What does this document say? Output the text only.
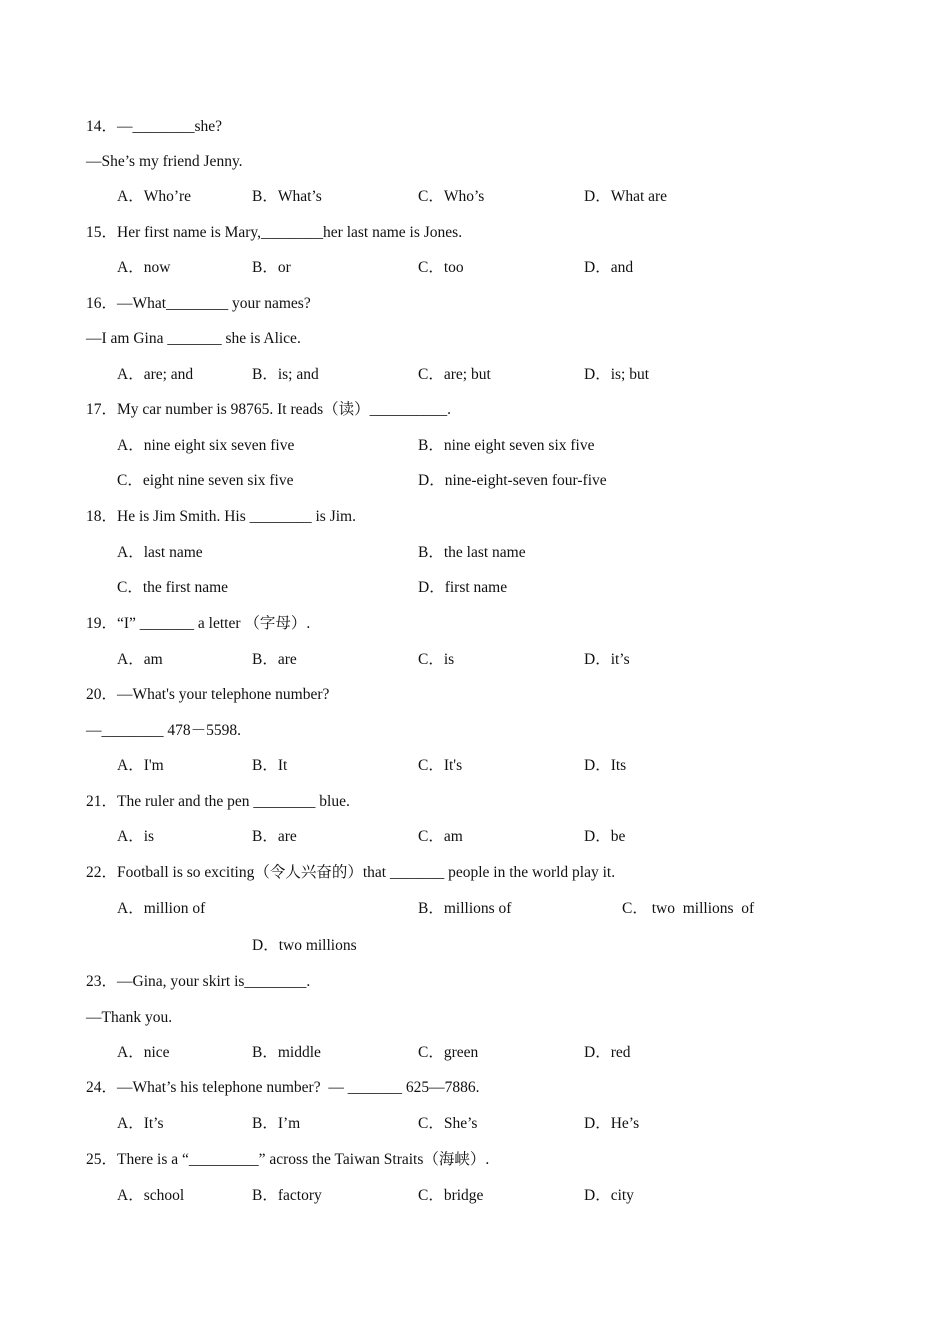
14．—________she?
—She’s my friend Jenny.
A．Who’re	B．What’s	C．Who’s	D．What are
15．Her first name is Mary,________her last name is Jones.
A．now	B．or	C．too	D．and
16．—What________ your names?
—I am Gina _______ she is Alice.
A．are; and	B．is; and	C．are; but	D．is; but
17．My car number is 98765. It reads（读）__________.
A．nine eight six seven five	B．nine eight seven six five
C．eight nine seven six five	D．nine-eight-seven four-five
18．He is Jim Smith. His ________ is Jim.
A．last name	B．the last name
C．the first name	D．first name
19．“I” _______ a letter （字母）.
A．am	B．are	C．is	D．it’s
20．—What's your telephone number?
—________ 478－5598.
A．I'm	B．It	C．It's	D．Its
21．The ruler and the pen ________ blue.
A．is	B．are	C．am	D．be
22．Football is so exciting（令人兴奋的）that _______ people in the world play it.
A．million of	B．millions of	C． two  millions  of
D．two millions
23．—Gina, your skirt is________.
—Thank you.
A．nice	B．middle	C．green	D．red
24．—What’s his telephone number?  — _______ 625—7886.
A．It’s	B．I’m	C．She’s	D．He’s
25．There is a “_________” across the Taiwan Straits（海峡）.
A．school	B．factory	C．bridge	D．city
